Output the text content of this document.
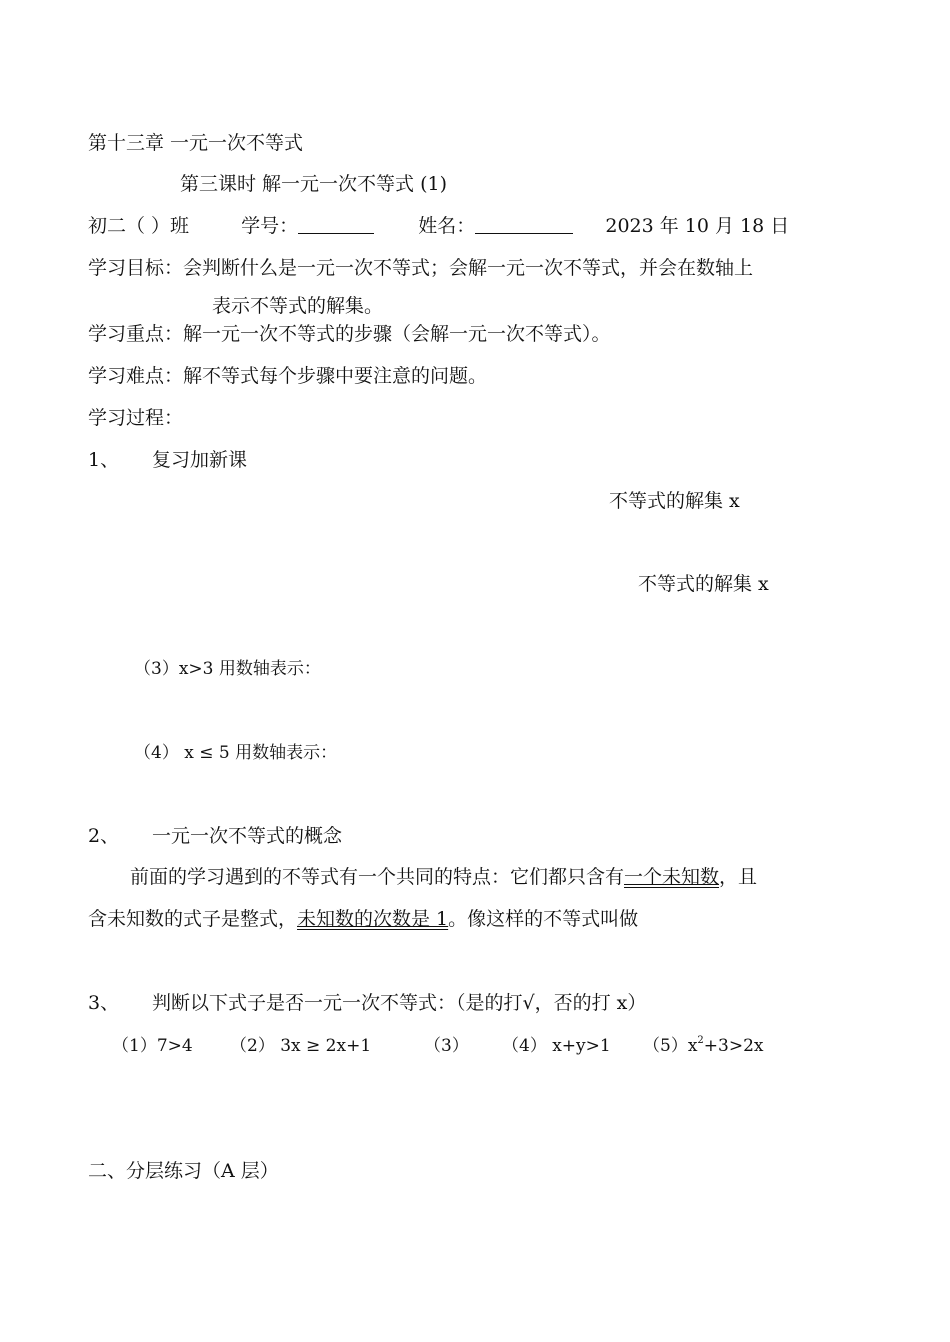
第十三章 一元一次不等式
第三课时 解一元一次不等式 (1)
初二（ ）班	学号：	姓名：	2023 年 10 月 18 日
学习目标：会判断什么是一元一次不等式；会解一元一次不等式，并会在数轴上
表示不等式的解集。
学习重点：解一元一次不等式的步骤（会解一元一次不等式）。
学习难点：解不等式每个步骤中要注意的问题。
学习过程：
1、 复习加新课
不等式的解集 x
不等式的解集 x
（3）x>3 用数轴表示：
（4） x ≤ 5 用数轴表示：
2、 一元一次不等式的概念
前面的学习遇到的不等式有一个共同的特点：它们都只含有一个未知数，且
含未知数的式子是整式，未知数的次数是 1。像这样的不等式叫做
3、 判断以下式子是否一元一次不等式：（是的打√，否的打 x）
（1）7>4 （2） 3x ≥ 2x+1	（3） （4） x+y>1 $(5)x^2+3>2x$
二、分层练习（A 层）
